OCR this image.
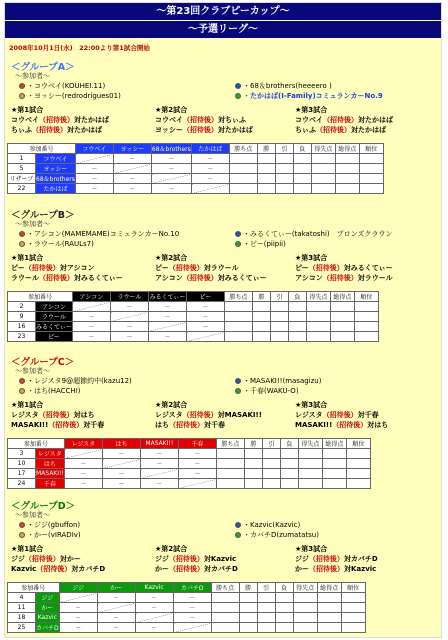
〜第23回クラブピーカップ〜
〜予選リーグ〜
2008年10月1日(水)　22:00より第1試合開始
＜グループA＞
〜参加者〜
・コウベイ(KOUHEI.11)	・68＆brothers(heeeero )
・ヨッシー(redrodrigues01)	・たかはば(I-Family)コミュランカーNo.9
★第1試合
コウベイ（招待後）対たかはば
ちぃふ（招待後）対たかはば
★第2試合
コウベイ（招待後）対ちぃふ
ヨッシー（招待後）対たかはば
★第3試合
コウベイ（招待後）対たかはば
ちぃふ（招待後）対たかはば
参加番号		コウベイ	ヨッシー	68＆brothers	たかはば	勝ち点	勝	引	負	得失点	総得点	順位
1	コウベイ		－	－	－							
5	ヨッシー	－		－	－							
リザーブ	68＆brothers	－	－		－							
22	たかはば	－	－	－								
＜グループB＞
〜参加者〜
・アシコン(MAMEMAME)コミュランカーNo.10	・みるくてぃー(takatoshi)　ブロンズクラウン
・ラウール(RAULs7)	・ピー(piipii)
★第1試合
ピー（招待後）対アシコン
ラウール（招待後）対みるくてぃー
★第2試合
ピー（招待後）対ラウール
アシコン（招待後）対みるくてぃー
★第3試合
ピー（招待後）対みるくてぃー
アシコン（招待後）対ラウール
参加番号		アシコン	ラウール	みるくてぃー	ピー	勝ち点	勝	引	負	得失点	総得点	順位
2	アシコン		－	－	－							
9	ラウール	－		－	－							
16	みるくてぃー	－	－		－							
23	ピー	－	－	－								
＜グループC＞
〜参加者〜
・レジスタ9@超節約中(kazu12)	・MASAKI!!(masagizu)
・はち(HACCHI)	・千春(WAKU-O)
★第1試合
レジスタ（招待後）対はち
MASAKI!!（招待後）対千春
★第2試合
レジスタ（招待後）対MASAKI!!
はち（招待後）対千春
★第3試合
レジスタ（招待後）対千春
MASAKI!!（招待後）対はち
参加番号		レジスタ	はち	MASAKI!!	千春	勝ち点	勝	引	負	得失点	総得点	順位
3	レジスタ		－	－	－							
10	はち	－		－	－							
17	MASAKI!!	－	－		－							
24	千春	－	－	－								
＜グループD＞
〜参加者〜
・ジジ(gbuffon)	・Kazvic(Kazvic)
・かー(vIRADIv)	・カバチD(zumatatsu)
★第1試合
ジジ（招待後）対かー
Kazvic（招待後）対カバチD
★第2試合
ジジ（招待後）対Kazvic
かー（招待後）対カバチD
★第3試合
ジジ（招待後）対カバチD
かー（招待後）対Kazvic
参加番号		ジジ	かー	Kazvic	カバチD	勝ち点	勝	引	負	得失点	総得点	順位
4	ジジ		－	－	－							
11	かー	－		－	－							
18	Kazvic	－	－		－							
25	カバチD	－	－	－								
